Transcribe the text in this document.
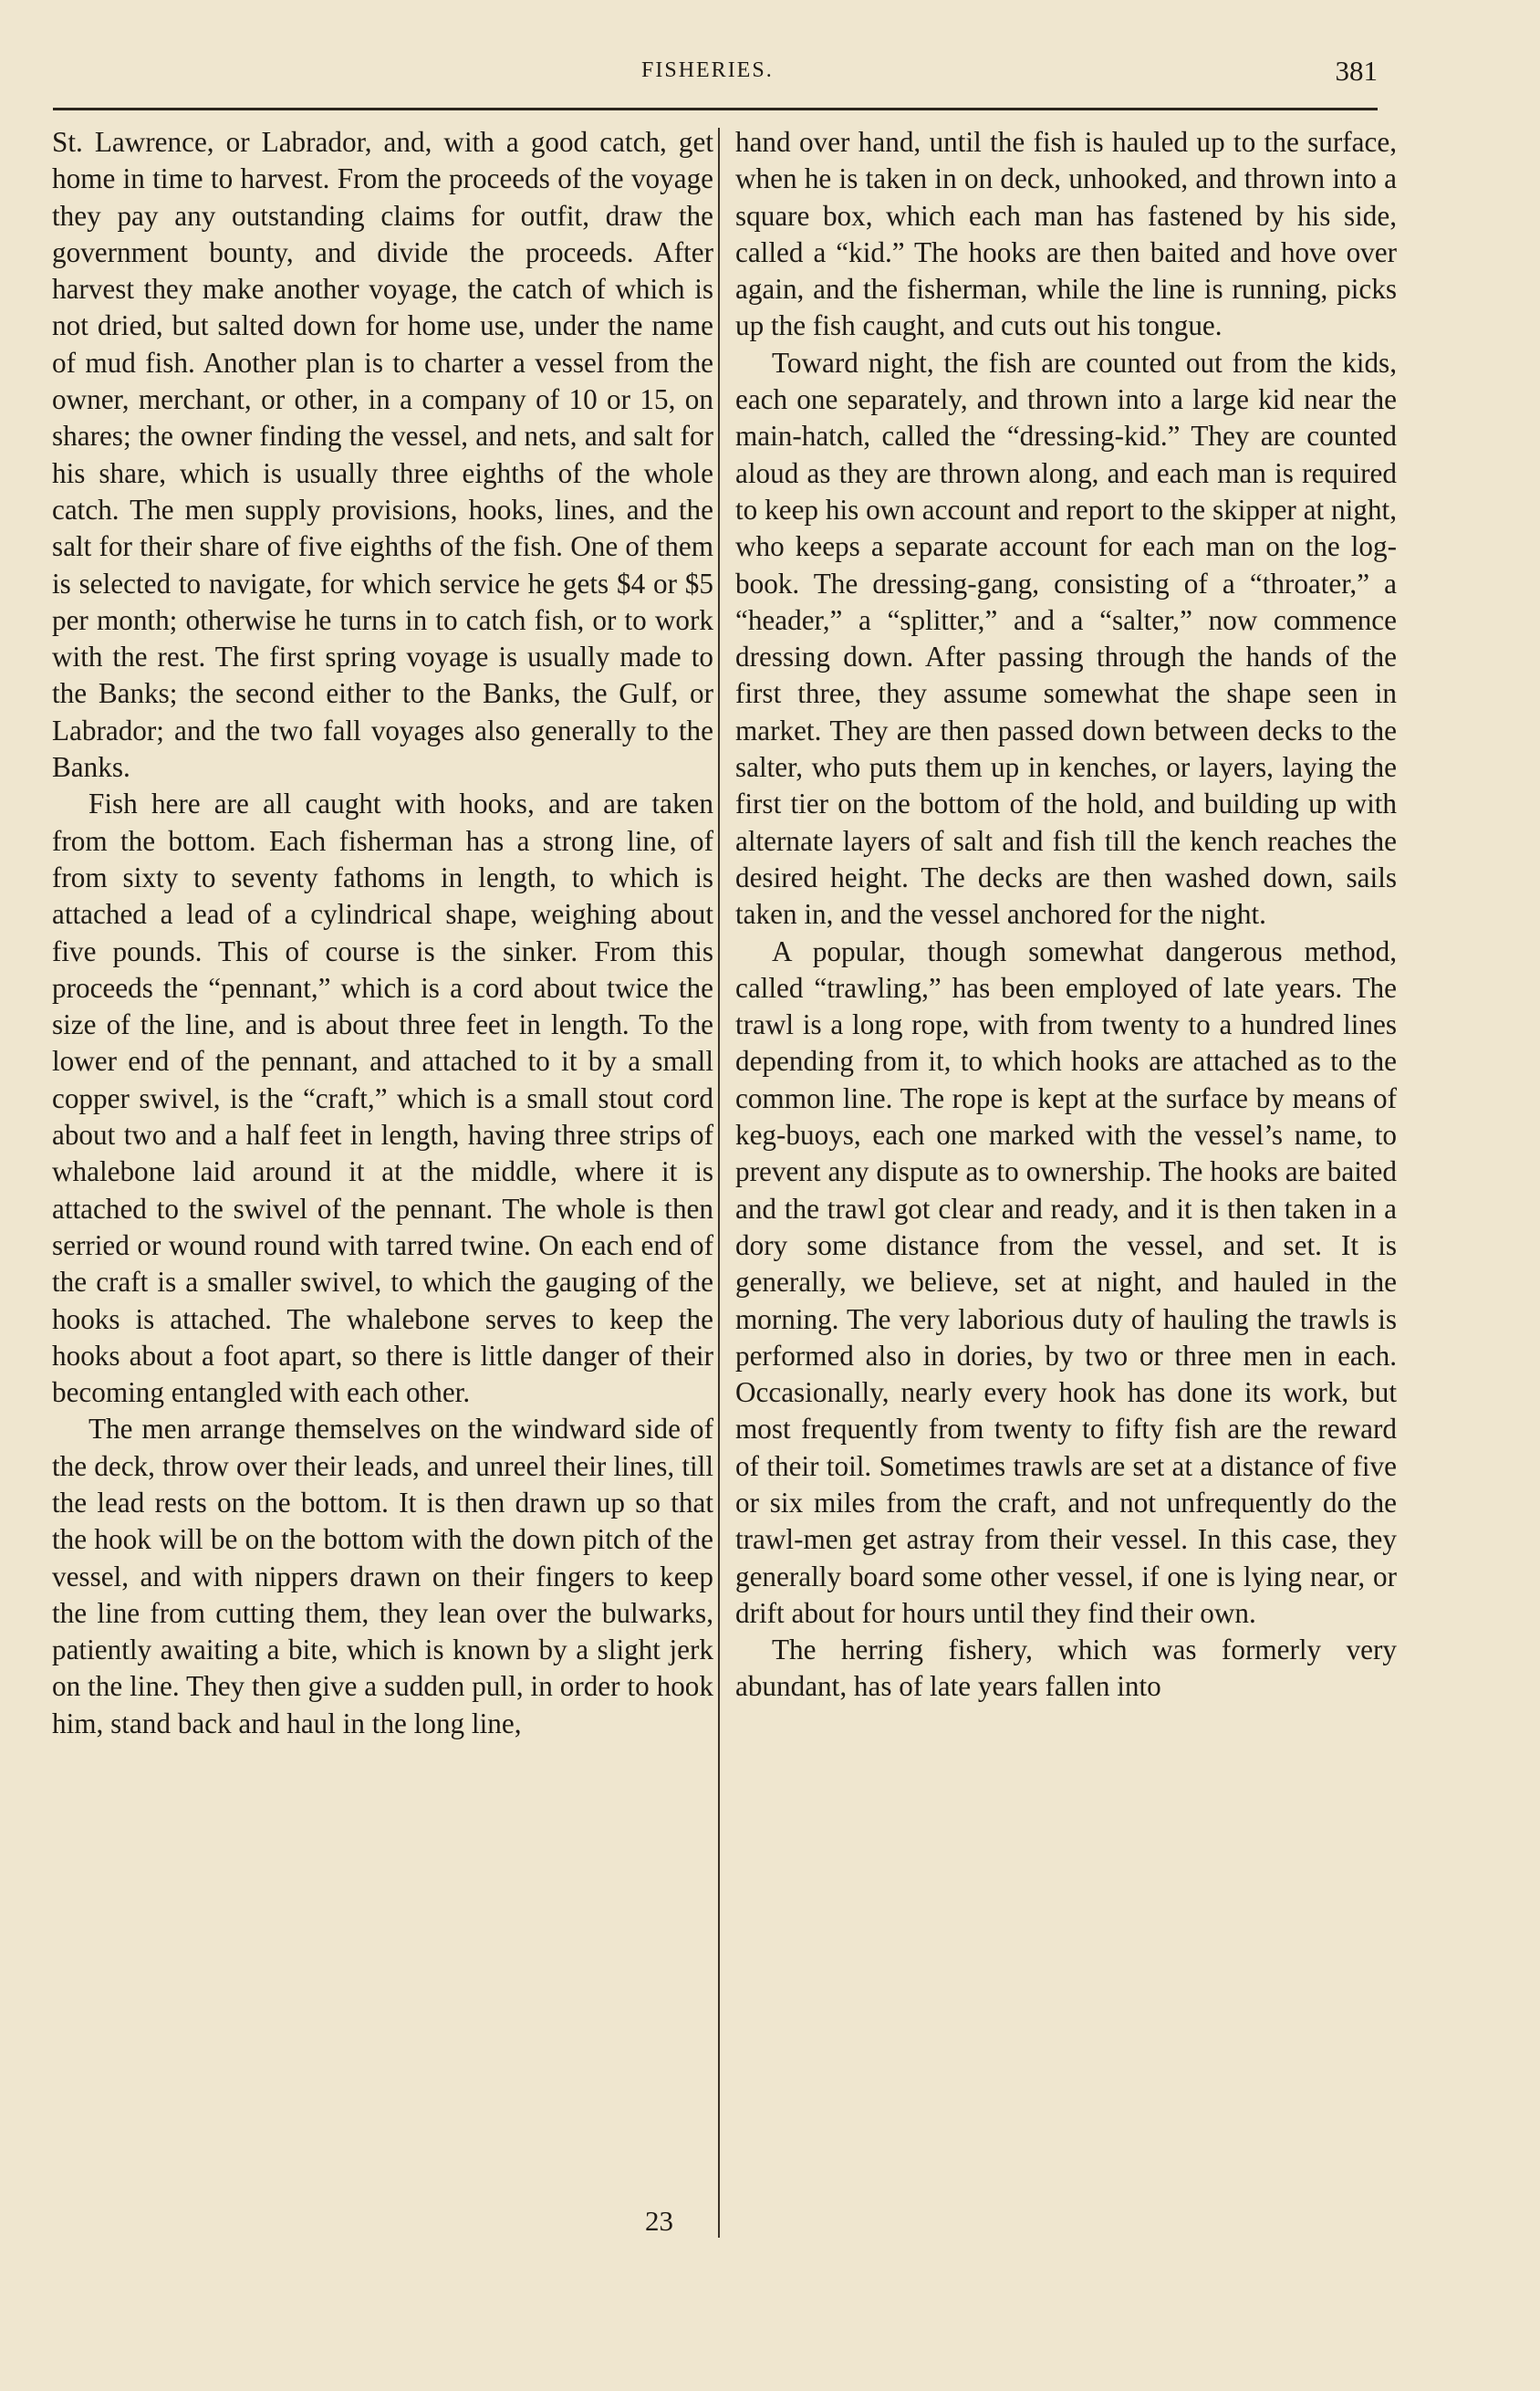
FISHERIES.	381

St. Lawrence, or Labrador, and, with a good catch, get home in time to harvest. From the proceeds of the voyage they pay any outstanding claims for outfit, draw the government bounty, and divide the proceeds. After harvest they make another voyage, the catch of which is not dried, but salted down for home use, under the name of mud fish. Another plan is to charter a vessel from the owner, merchant, or other, in a company of 10 or 15, on shares; the owner finding the vessel, and nets, and salt for his share, which is usually three eighths of the whole catch. The men supply provisions, hooks, lines, and the salt for their share of five eighths of the fish. One of them is selected to navigate, for which service he gets $4 or $5 per month; otherwise he turns in to catch fish, or to work with the rest. The first spring voyage is usually made to the Banks; the second either to the Banks, the Gulf, or Labrador; and the two fall voyages also generally to the Banks.

Fish here are all caught with hooks, and are taken from the bottom. Each fisherman has a strong line, of from sixty to seventy fathoms in length, to which is attached a lead of a cylindrical shape, weighing about five pounds. This of course is the sinker. From this proceeds the “pennant,” which is a cord about twice the size of the line, and is about three feet in length. To the lower end of the pennant, and attached to it by a small copper swivel, is the “craft,” which is a small stout cord about two and a half feet in length, having three strips of whalebone laid around it at the middle, where it is attached to the swivel of the pennant. The whole is then serried or wound round with tarred twine. On each end of the craft is a smaller swivel, to which the gauging of the hooks is attached. The whalebone serves to keep the hooks about a foot apart, so there is little danger of their becoming entangled with each other.

The men arrange themselves on the windward side of the deck, throw over their leads, and unreel their lines, till the lead rests on the bottom. It is then drawn up so that the hook will be on the bottom with the down pitch of the vessel, and with nippers drawn on their fingers to keep the line from cutting them, they lean over the bulwarks, patiently awaiting a bite, which is known by a slight jerk on the line. They then give a sudden pull, in order to hook him, stand back and haul in the long line,

hand over hand, until the fish is hauled up to the surface, when he is taken in on deck, unhooked, and thrown into a square box, which each man has fastened by his side, called a “kid.” The hooks are then baited and hove over again, and the fisherman, while the line is running, picks up the fish caught, and cuts out his tongue.

Toward night, the fish are counted out from the kids, each one separately, and thrown into a large kid near the main-hatch, called the “dressing-kid.” They are counted aloud as they are thrown along, and each man is required to keep his own account and report to the skipper at night, who keeps a separate account for each man on the log-book. The dressing-gang, consisting of a “throater,” a “header,” a “splitter,” and a “salter,” now commence dressing down. After passing through the hands of the first three, they assume somewhat the shape seen in market. They are then passed down between decks to the salter, who puts them up in kenches, or layers, laying the first tier on the bottom of the hold, and building up with alternate layers of salt and fish till the kench reaches the desired height. The decks are then washed down, sails taken in, and the vessel anchored for the night.

A popular, though somewhat dangerous method, called “trawling,” has been employed of late years. The trawl is a long rope, with from twenty to a hundred lines depending from it, to which hooks are attached as to the common line. The rope is kept at the surface by means of keg-buoys, each one marked with the vessel’s name, to prevent any dispute as to ownership. The hooks are baited and the trawl got clear and ready, and it is then taken in a dory some distance from the vessel, and set. It is generally, we believe, set at night, and hauled in the morning. The very laborious duty of hauling the trawls is performed also in dories, by two or three men in each. Occasionally, nearly every hook has done its work, but most frequently from twenty to fifty fish are the reward of their toil. Sometimes trawls are set at a distance of five or six miles from the craft, and not unfrequently do the trawl-men get astray from their vessel. In this case, they generally board some other vessel, if one is lying near, or drift about for hours until they find their own.

The herring fishery, which was formerly very abundant, has of late years fallen into

23
